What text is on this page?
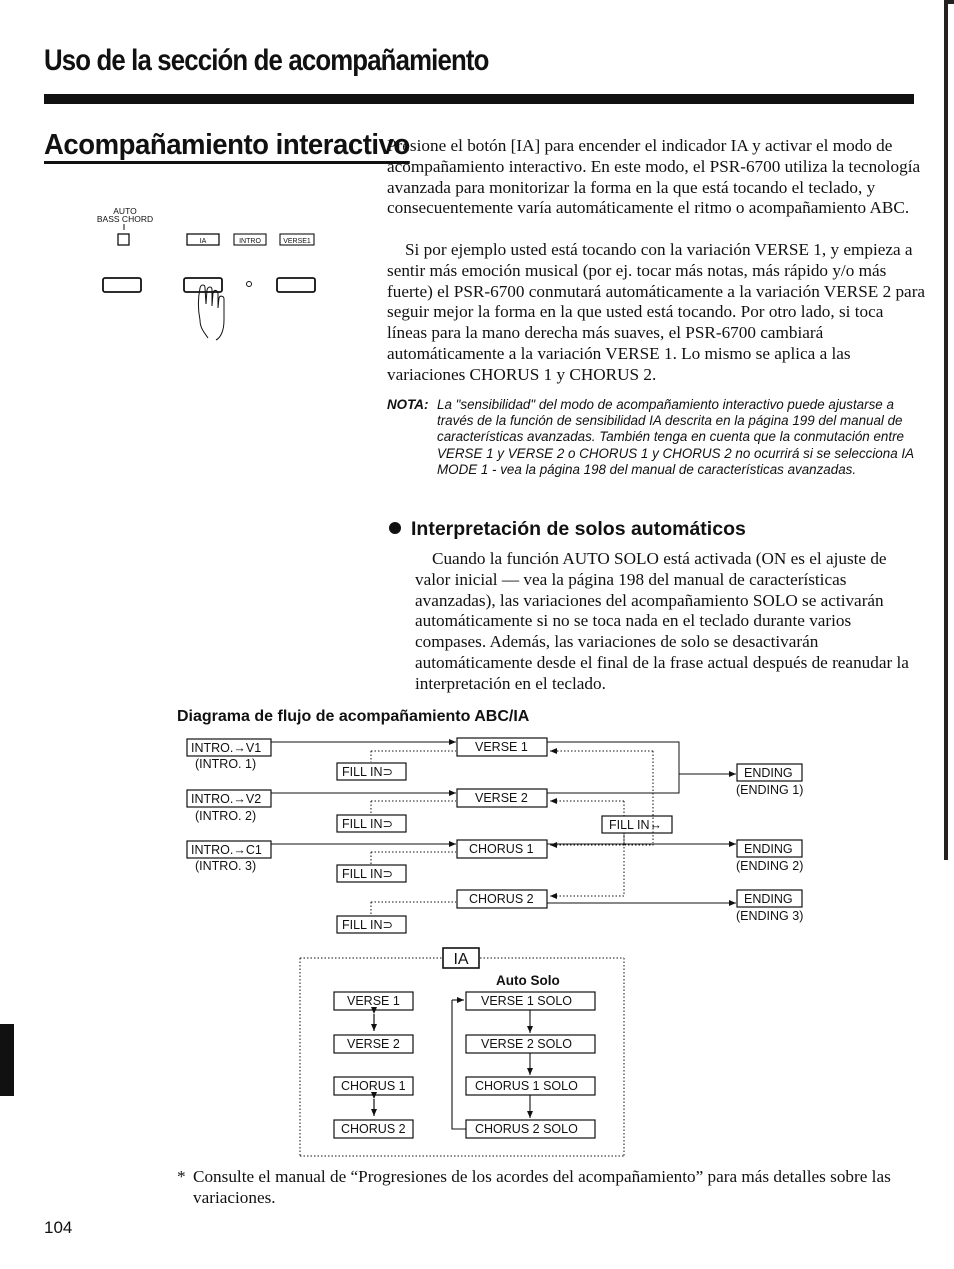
Uso de la sección de acompañamiento
Acompañamiento interactivo
AUTO
BASS CHORD
IA	INTRO	VERSE1
Presione el botón [IA] para encender el indicador IA y activar el modo de acompañamiento interactivo. En este modo, el PSR-6700 utiliza la tecnología avanzada para monitorizar la forma en la que está tocando el teclado, y consecuentemente varía automáticamente el ritmo o acompañamiento ABC.
Si por ejemplo usted está tocando con la variación VERSE 1, y empieza a sentir más emoción musical (por ej. tocar más notas, más rápido y/o más fuerte) el PSR-6700 conmutará automáticamente a la variación VERSE 2 para seguir mejor la forma en la que usted está tocando. Por otro lado, si toca líneas para la mano derecha más suaves, el PSR-6700 cambiará automáticamente a la variación VERSE 1. Lo mismo se aplica a las variaciones CHORUS 1 y CHORUS 2.
NOTA: La "sensibilidad" del modo de acompañamiento interactivo puede ajustarse a través de la función de sensibilidad IA descrita en la página 199 del manual de características avanzadas. También tenga en cuenta que la conmutación entre VERSE 1 y VERSE 2 o CHORUS 1 y CHORUS 2 no ocurrirá si se selecciona IA MODE 1 - vea la página 198 del manual de características avanzadas.
Interpretación de solos automáticos
Cuando la función AUTO SOLO está activada (ON es el ajuste de valor inicial — vea la página 198 del manual de características avanzadas), las variaciones del acompañamiento SOLO se activarán automáticamente si no se toca nada en el teclado durante varios compases. Además, las variaciones de solo se desactivarán automáticamente desde el final de la frase actual después de reanudar la interpretación en el teclado.
Diagrama de flujo de acompañamiento ABC/IA
INTRO.→V1
(INTRO. 1)
INTRO.→V2
(INTRO. 2)
INTRO.→C1
(INTRO. 3)
FILL IN⊃
FILL IN⊃
FILL IN⊃
FILL IN⊃
VERSE 1
VERSE 2
CHORUS 1
CHORUS 2
FILL IN↔
ENDING
(ENDING 1)
ENDING
(ENDING 2)
ENDING
(ENDING 3)
IA
Auto Solo
VERSE 1
VERSE 2
CHORUS 1
CHORUS 2
VERSE 1 SOLO
VERSE 2 SOLO
CHORUS 1 SOLO
CHORUS 2 SOLO
* Consulte el manual de “Progresiones de los acordes del acompañamiento” para más detalles sobre las variaciones.
104
